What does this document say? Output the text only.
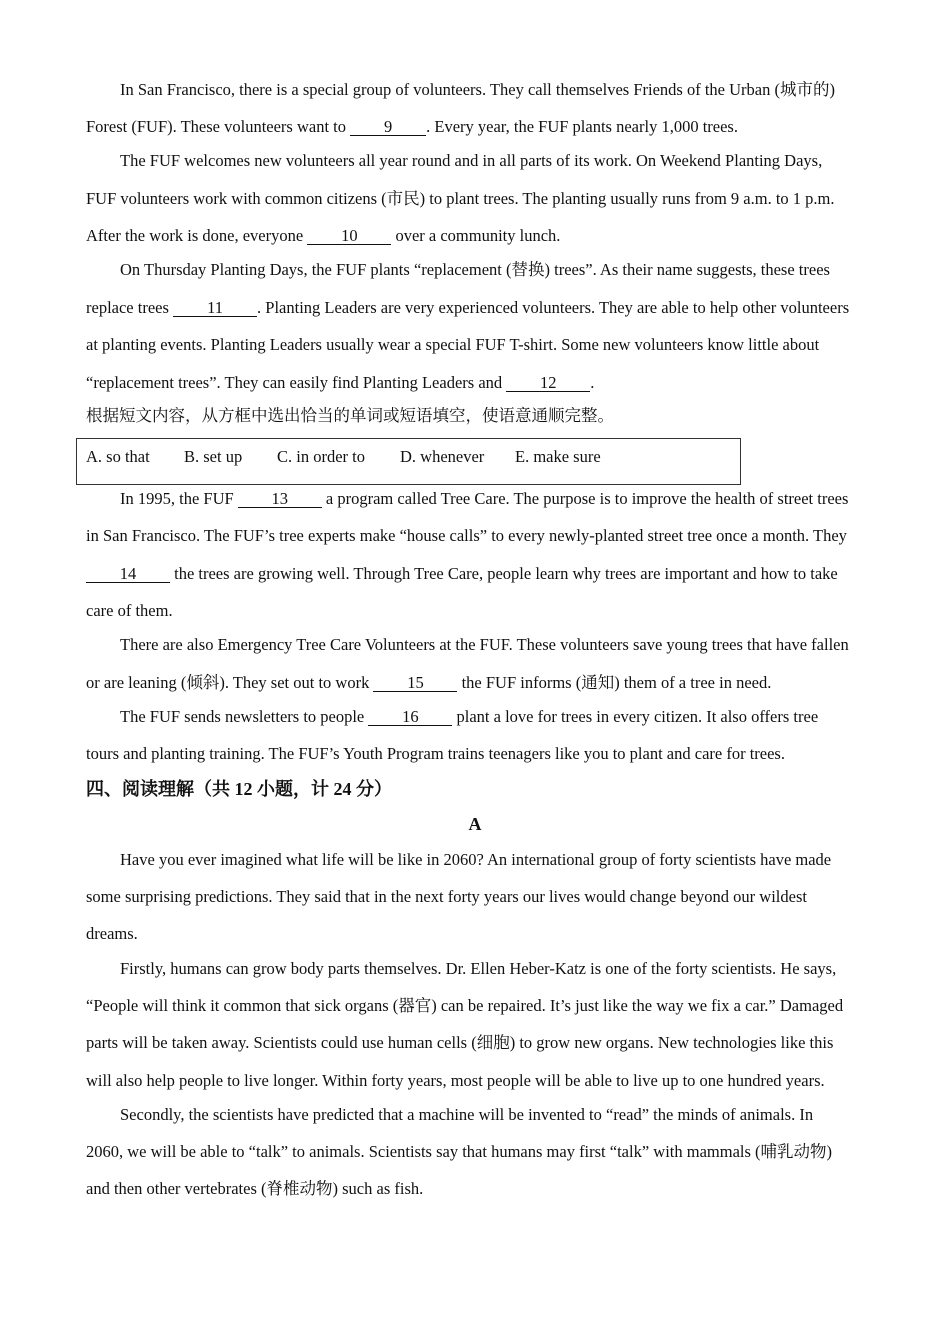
In San Francisco, there is a special group of volunteers. They call themselves Friends of the Urban (城市的)
Forest (FUF). These volunteers want to 9 . Every year, the FUF plants nearly 1,000 trees.
The FUF welcomes new volunteers all year round and in all parts of its work. On Weekend Planting Days,
FUF volunteers work with common citizens (市民) to plant trees. The planting usually runs from 9 a.m. to 1 p.m.
After the work is done, everyone 10 over a community lunch.
On Thursday Planting Days, the FUF plants “replacement (替换) trees”. As their name suggests, these trees
replace trees 11 . Planting Leaders are very experienced volunteers. They are able to help other volunteers
at planting events. Planting Leaders usually wear a special FUF T-shirt. Some new volunteers know little about
“replacement trees”. They can easily find Planting Leaders and 12 .
根据短文内容，从方框中选出恰当的单词或短语填空，使语意通顺完整。
A. so that B. set up C. in order to D. whenever E. make sure
In 1995, the FUF 13 a program called Tree Care. The purpose is to improve the health of street trees
in San Francisco. The FUF’s tree experts make “house calls” to every newly-planted street tree once a month. They
14 the trees are growing well. Through Tree Care, people learn why trees are important and how to take
care of them.
There are also Emergency Tree Care Volunteers at the FUF. These volunteers save young trees that have fallen
or are leaning (倾斜). They set out to work 15 the FUF informs (通知) them of a tree in need.
The FUF sends newsletters to people 16 plant a love for trees in every citizen. It also offers tree
tours and planting training. The FUF’s Youth Program trains teenagers like you to plant and care for trees.
四、阅读理解（共 12 小题，计 24 分）
A
Have you ever imagined what life will be like in 2060? An international group of forty scientists have made
some surprising predictions. They said that in the next forty years our lives would change beyond our wildest
dreams.
Firstly, humans can grow body parts themselves. Dr. Ellen Heber-Katz is one of the forty scientists. He says,
“People will think it common that sick organs (器官) can be repaired. It’s just like the way we fix a car.” Damaged
parts will be taken away. Scientists could use human cells (细胞) to grow new organs. New technologies like this
will also help people to live longer. Within forty years, most people will be able to live up to one hundred years.
Secondly, the scientists have predicted that a machine will be invented to “read” the minds of animals. In
2060, we will be able to “talk” to animals. Scientists say that humans may first “talk” with mammals (哺乳动物)
and then other vertebrates (脊椎动物) such as fish.
